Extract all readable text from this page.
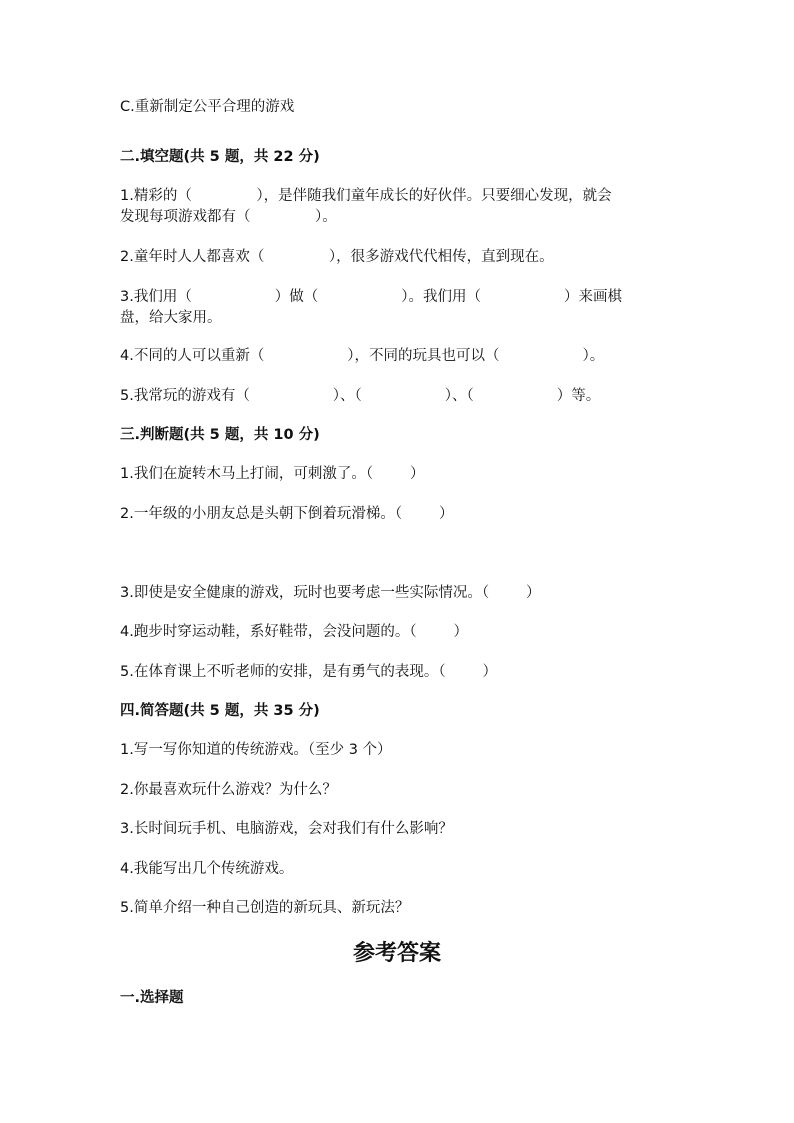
C.重新制定公平合理的游戏
二.填空题(共 5 题，共 22 分)
1.精彩的（              ），是伴随我们童年成长的好伙伴。只要细心发现，就会
发现每项游戏都有（              ）。
2.童年时人人都喜欢（              ），很多游戏代代相传，直到现在。
3.我们用（                  ）做（                  ）。我们用（                  ）来画棋
盘，给大家用。
4.不同的人可以重新（                  ），不同的玩具也可以（                  ）。
5.我常玩的游戏有（                  ）、（                  ）、（                  ）等。
三.判断题(共 5 题，共 10 分)
1.我们在旋转木马上打闹，可刺激了。（        ）
2.一年级的小朋友总是头朝下倒着玩滑梯。（        ）
3.即使是安全健康的游戏，玩时也要考虑一些实际情况。（        ）
4.跑步时穿运动鞋，系好鞋带，会没问题的。（        ）
5.在体育课上不听老师的安排，是有勇气的表现。（        ）
四.简答题(共 5 题，共 35 分)
1.写一写你知道的传统游戏。（至少 3 个）
2.你最喜欢玩什么游戏？为什么？
3.长时间玩手机、电脑游戏，会对我们有什么影响？
4.我能写出几个传统游戏。
5.简单介绍一种自己创造的新玩具、新玩法？
参考答案
一.选择题
